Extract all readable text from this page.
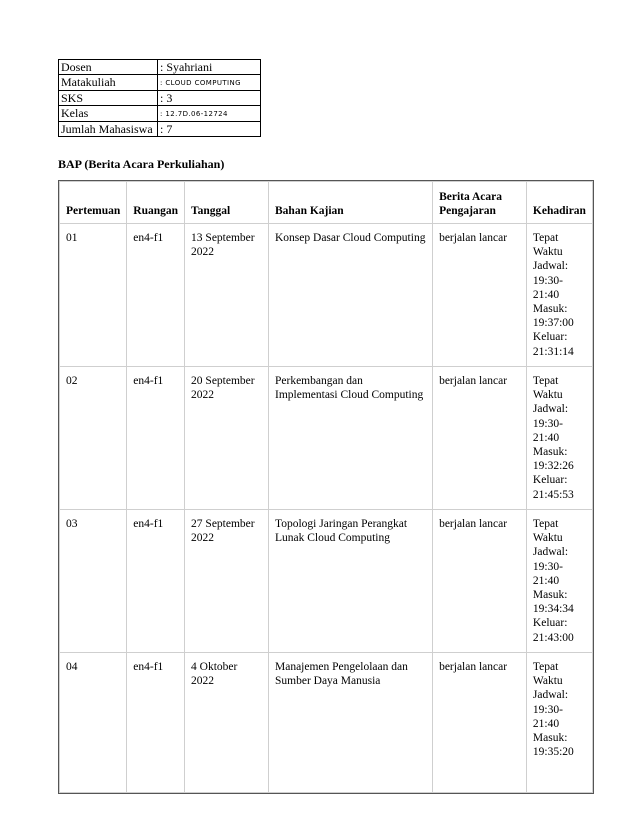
Dosen	: Syahriani
Matakuliah	: CLOUD COMPUTING
SKS	: 3
Kelas	: 12.7D.06-12724
Jumlah Mahasiswa	: 7
BAP (Berita Acara Perkuliahan)
Pertemuan	Ruangan	Tanggal	Bahan Kajian	Berita Acara Pengajaran	Kehadiran
01	en4-f1	13 September 2022	Konsep Dasar Cloud Computing	berjalan lancar	Tepat Waktu Jadwal: 19:30-21:40 Masuk: 19:37:00 Keluar: 21:31:14
02	en4-f1	20 September 2022	Perkembangan dan Implementasi Cloud Computing	berjalan lancar	Tepat Waktu Jadwal: 19:30-21:40 Masuk: 19:32:26 Keluar: 21:45:53
03	en4-f1	27 September 2022	Topologi Jaringan Perangkat Lunak Cloud Computing	berjalan lancar	Tepat Waktu Jadwal: 19:30-21:40 Masuk: 19:34:34 Keluar: 21:43:00
04	en4-f1	4 Oktober 2022	Manajemen Pengelolaan dan Sumber Daya Manusia	berjalan lancar	Tepat Waktu Jadwal: 19:30-21:40 Masuk: 19:35:20
